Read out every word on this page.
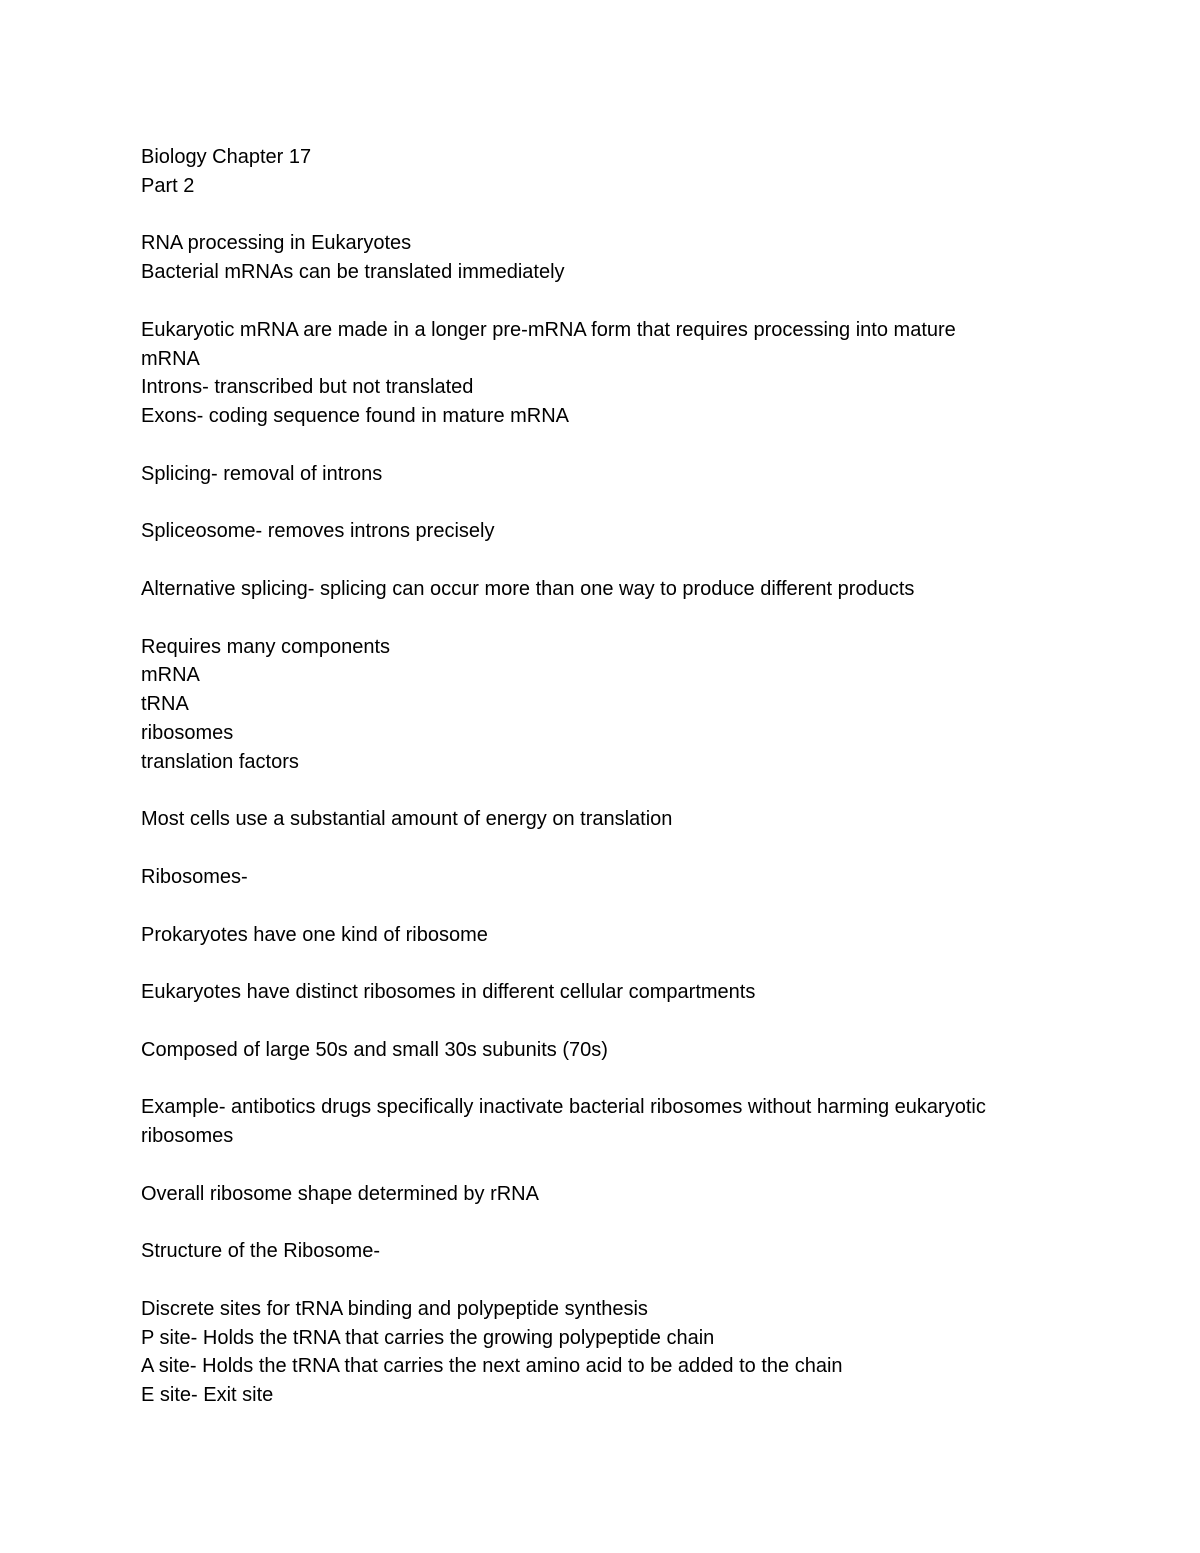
Biology Chapter 17
Part 2
RNA processing in Eukaryotes
Bacterial mRNAs can be translated immediately
Eukaryotic mRNA are made in a longer pre-mRNA form that requires processing into mature
mRNA
Introns- transcribed but not translated
Exons- coding sequence found in mature mRNA
Splicing- removal of introns
Spliceosome- removes introns precisely
Alternative splicing- splicing can occur more than one way to produce different products
Requires many components
mRNA
tRNA
ribosomes
translation factors
Most cells use a substantial amount of energy on translation
Ribosomes-
Prokaryotes have one kind of ribosome
Eukaryotes have distinct ribosomes in different cellular compartments
Composed of large 50s and small 30s subunits (70s)
Example- antibotics drugs specifically inactivate bacterial ribosomes without harming eukaryotic
ribosomes
Overall ribosome shape determined by rRNA
Structure of the Ribosome-
Discrete sites for tRNA binding and polypeptide synthesis
P site- Holds the tRNA that carries the growing polypeptide chain
A site- Holds the tRNA that carries the next amino acid to be added to the chain
E site- Exit site
